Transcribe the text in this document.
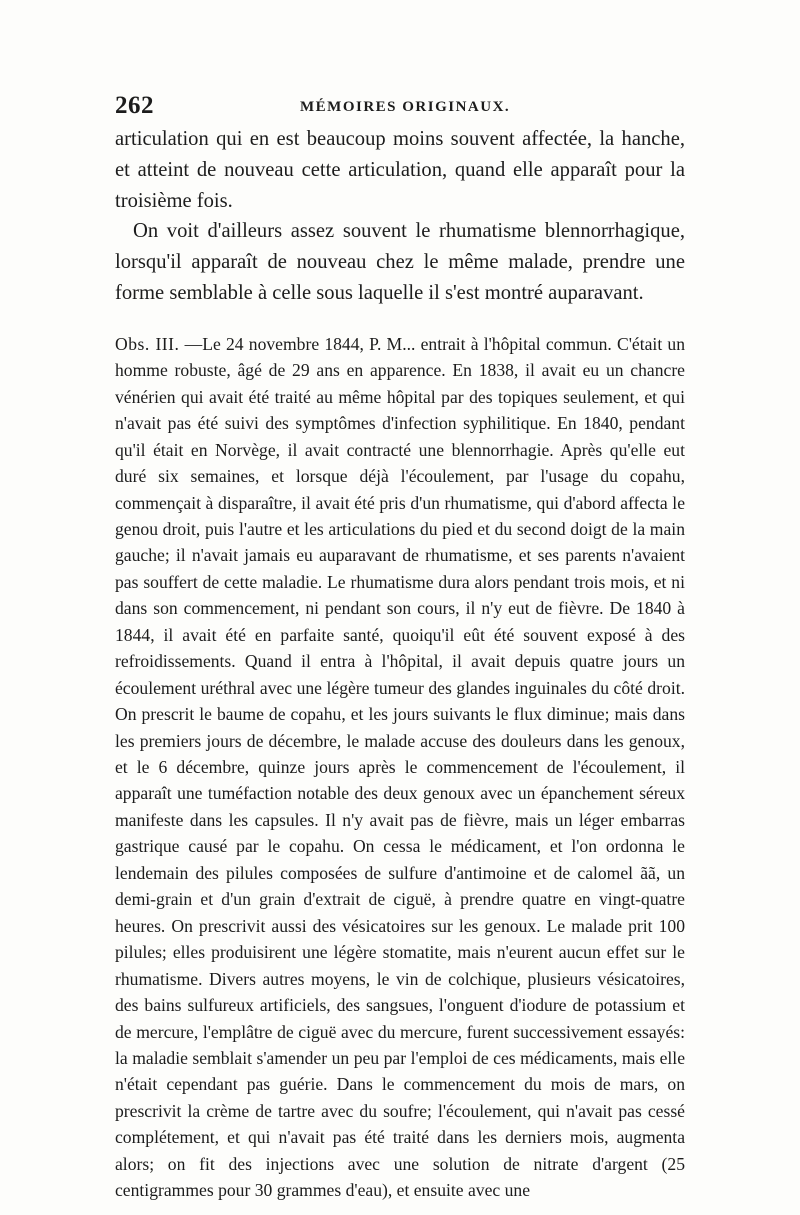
262	MÉMOIRES ORIGINAUX.

articulation qui en est beaucoup moins souvent affectée, la hanche, et atteint de nouveau cette articulation, quand elle apparaît pour la troisième fois.

On voit d'ailleurs assez souvent le rhumatisme blennorrhagique, lorsqu'il apparaît de nouveau chez le même malade, prendre une forme semblable à celle sous laquelle il s'est montré auparavant.

Obs. III. —Le 24 novembre 1844, P. M... entrait à l'hôpital commun. C'était un homme robuste, âgé de 29 ans en apparence. En 1838, il avait eu un chancre vénérien qui avait été traité au même hôpital par des topiques seulement, et qui n'avait pas été suivi des symptômes d'infection syphilitique. En 1840, pendant qu'il était en Norvège, il avait contracté une blennorrhagie. Après qu'elle eut duré six semaines, et lorsque déjà l'écoulement, par l'usage du copahu, commençait à disparaître, il avait été pris d'un rhumatisme, qui d'abord affecta le genou droit, puis l'autre et les articulations du pied et du second doigt de la main gauche; il n'avait jamais eu auparavant de rhumatisme, et ses parents n'avaient pas souffert de cette maladie. Le rhumatisme dura alors pendant trois mois, et ni dans son commencement, ni pendant son cours, il n'y eut de fièvre. De 1840 à 1844, il avait été en parfaite santé, quoiqu'il eût été souvent exposé à des refroidissements. Quand il entra à l'hôpital, il avait depuis quatre jours un écoulement uréthral avec une légère tumeur des glandes inguinales du côté droit. On prescrit le baume de copahu, et les jours suivants le flux diminue; mais dans les premiers jours de décembre, le malade accuse des douleurs dans les genoux, et le 6 décembre, quinze jours après le commencement de l'écoulement, il apparaît une tuméfaction notable des deux genoux avec un épanchement séreux manifeste dans les capsules. Il n'y avait pas de fièvre, mais un léger embarras gastrique causé par le copahu. On cessa le médicament, et l'on ordonna le lendemain des pilules composées de sulfure d'antimoine et de calomel ãã, un demi-grain et d'un grain d'extrait de ciguë, à prendre quatre en vingt-quatre heures. On prescrivit aussi des vésicatoires sur les genoux. Le malade prit 100 pilules; elles produisirent une légère stomatite, mais n'eurent aucun effet sur le rhumatisme. Divers autres moyens, le vin de colchique, plusieurs vésicatoires, des bains sulfureux artificiels, des sangsues, l'onguent d'iodure de potassium et de mercure, l'emplâtre de ciguë avec du mercure, furent successivement essayés: la maladie semblait s'amender un peu par l'emploi de ces médicaments, mais elle n'était cependant pas guérie. Dans le commencement du mois de mars, on prescrivit la crème de tartre avec du soufre; l'écoulement, qui n'avait pas cessé complétement, et qui n'avait pas été traité dans les derniers mois, augmenta alors; on fit des injections avec une solution de nitrate d'argent (25 centigrammes pour 30 grammes d'eau), et ensuite avec une
